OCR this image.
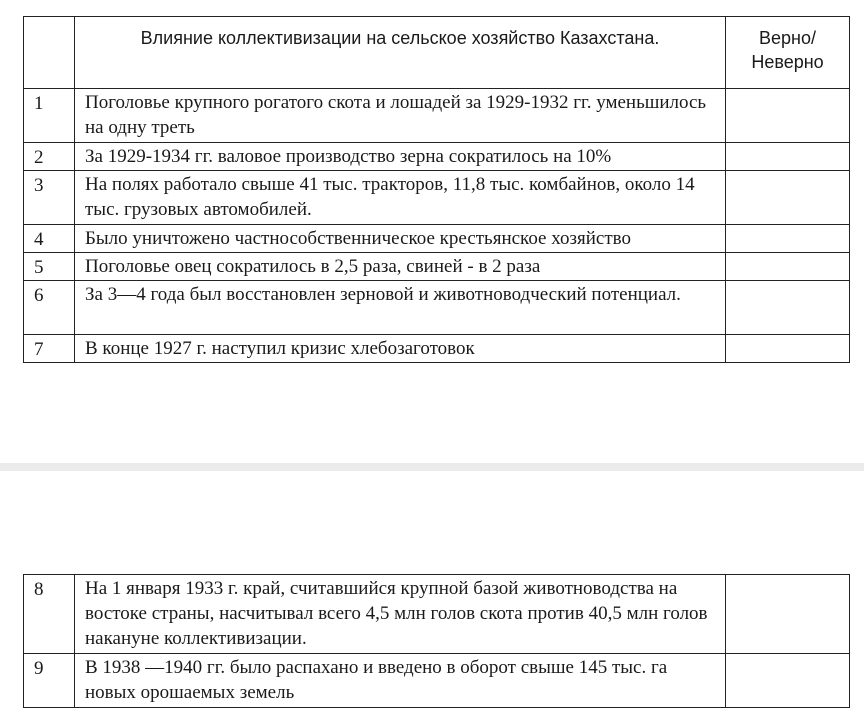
	Влияние коллективизации на сельское хозяйство Казахстана.	Верно/
Неверно

1	Поголовье крупного рогатого скота и лошадей за 1929-1932 гг. уменьшилось на одну треть	
2	За 1929-1934 гг. валовое производство зерна сократилось на 10%	
3	На полях работало свыше 41 тыс. тракторов, 11,8 тыс. комбайнов, около 14 тыс. грузовых автомобилей.	
4	Было уничтожено частнособственническое крестьянское хозяйство	
5	Поголовье овец сократилось в 2,5 раза, свиней - в 2 раза	
6	За 3—4 года был восстановлен зерновой и животноводческий потенциал.	
7	В конце 1927 г. наступил кризис хлебозаготовок	
8	На 1 января 1933 г. край, считавшийся крупной базой животноводства на востоке страны, насчитывал всего 4,5 млн голов скота против 40,5 млн голов накануне коллективизации.	
9	В 1938 —1940 гг. было распахано и введено в оборот свыше 145 тыс. га новых орошаемых земель	
